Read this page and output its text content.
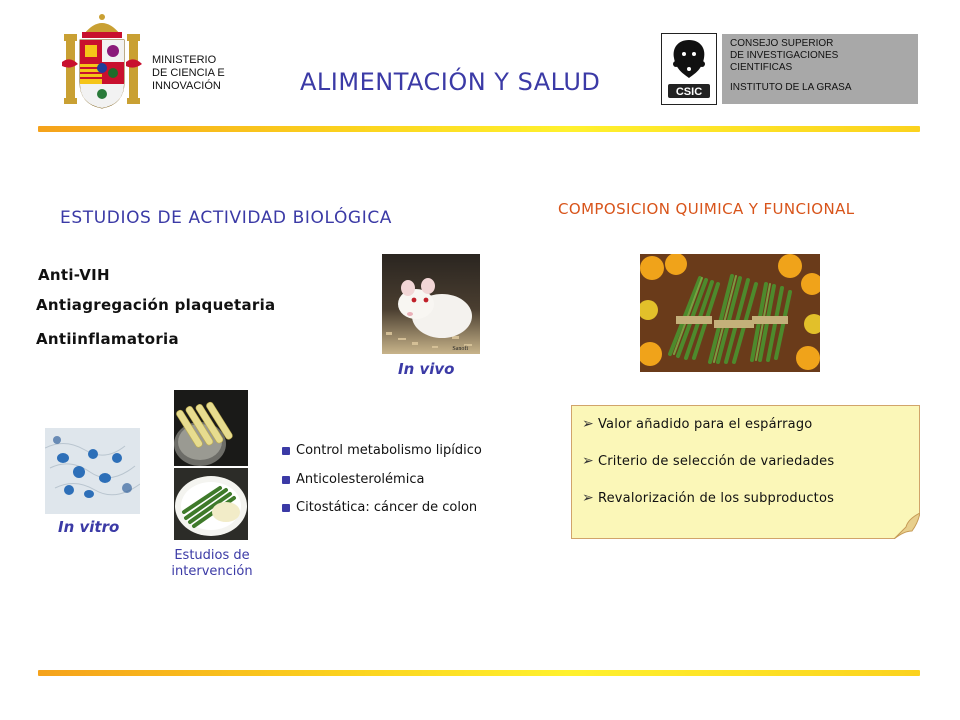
MINISTERIO
DE CIENCIA E
INNOVACIÓN	ALIMENTACIÓN Y SALUD	CSIC
CONSEJO SUPERIOR
DE INVESTIGACIONES
CIENTIFICAS
INSTITUTO DE LA GRASA
ESTUDIOS DE ACTIVIDAD BIOLÓGICA
Anti-VIH
Antiagregación plaquetaria
Antiinflamatoria
Sanofi
In vivo
In vitro
Estudios de
intervención
Control metabolismo lipídico
Anticolesterolémica
Citostática: cáncer de colon
COMPOSICION QUIMICA Y FUNCIONAL
➢ Valor añadido para el espárrago
➢ Criterio de selección de variedades
➢ Revalorización de los subproductos
